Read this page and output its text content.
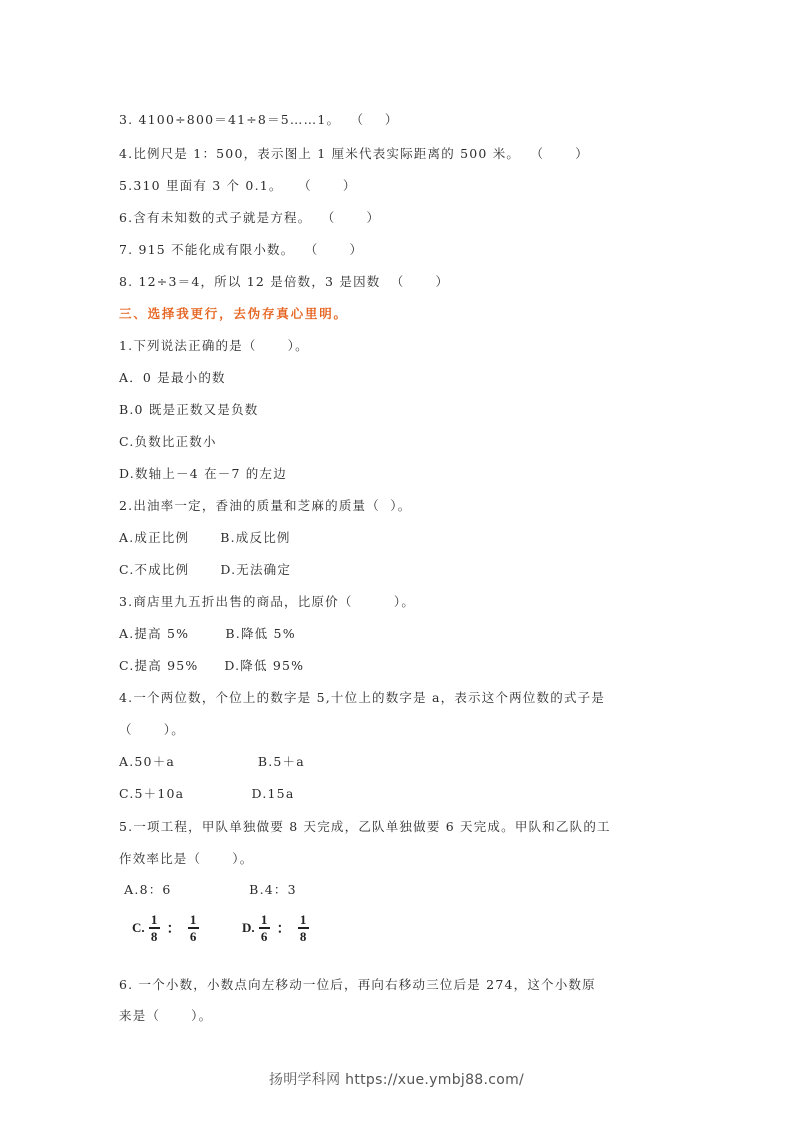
3. 4100÷800＝41÷8＝5……1。  （    ）
4.比例尺是 1：500，表示图上 1 厘米代表实际距离的 500 米。  （      ）
5.310 里面有 3 个 0.1。   （      ）
6.含有未知数的式子就是方程。  （      ）
7. 915 不能化成有限小数。  （      ）
8. 12÷3＝4，所以 12 是倍数，3 是因数  （      ）
三、选择我更行，去伪存真心里明。
1.下列说法正确的是（      ）。
A．0 是最小的数
B.0 既是正数又是负数
C.负数比正数小
D.数轴上－4 在－7 的左边
2.出油率一定，香油的质量和芝麻的质量（  ）。
A.成正比例      B.成反比例
C.不成比例      D.无法确定
3.商店里九五折出售的商品，比原价（        ）。
A.提高 5%       B.降低 5%
C.提高 95%     D.降低 95%
4.一个两位数，个位上的数字是 5,十位上的数字是 a，表示这个两位数的式子是
（      ）。
A.50＋a                B.5＋a
C.5＋10a             D.15a
5.一项工程，甲队单独做要 8 天完成，乙队单独做要 6 天完成。甲队和乙队的工
作效率比是（      ）。
A.8：6               B.4：3
C. $\frac{1}{8}$ ： $\frac{1}{6}$	D. $\frac{1}{6}$ ： $\frac{1}{8}$
6. 一个小数，小数点向左移动一位后，再向右移动三位后是 274，这个小数原
来是（      ）。
扬明学科网 https://xue.ymbj88.com/
